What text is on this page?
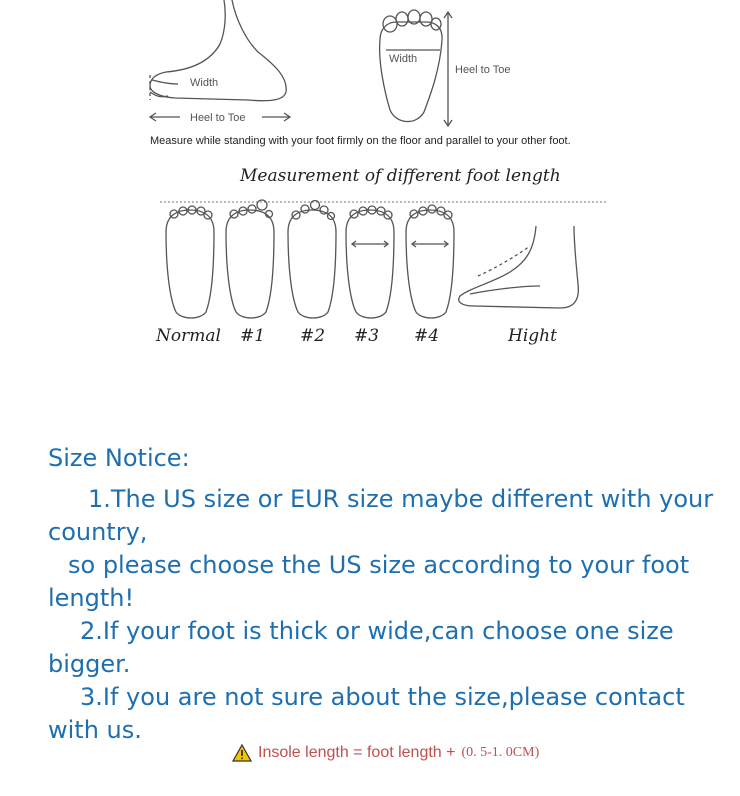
Width
Heel to Toe
Width
Heel to Toe
Measure while standing with your foot firmly on the floor and parallel to your other foot.
Measurement of different foot length
Normal #1 #2 #3 #4	Hight

Size Notice:

1.The US size or EUR size maybe different with your country,

so please choose the US size according to your foot length!

2.If your foot is thick or wide,can choose one size bigger.

3.If you are not sure about the size,please contact with us.

Insole length = foot length + (0. 5-1. 0CM)
